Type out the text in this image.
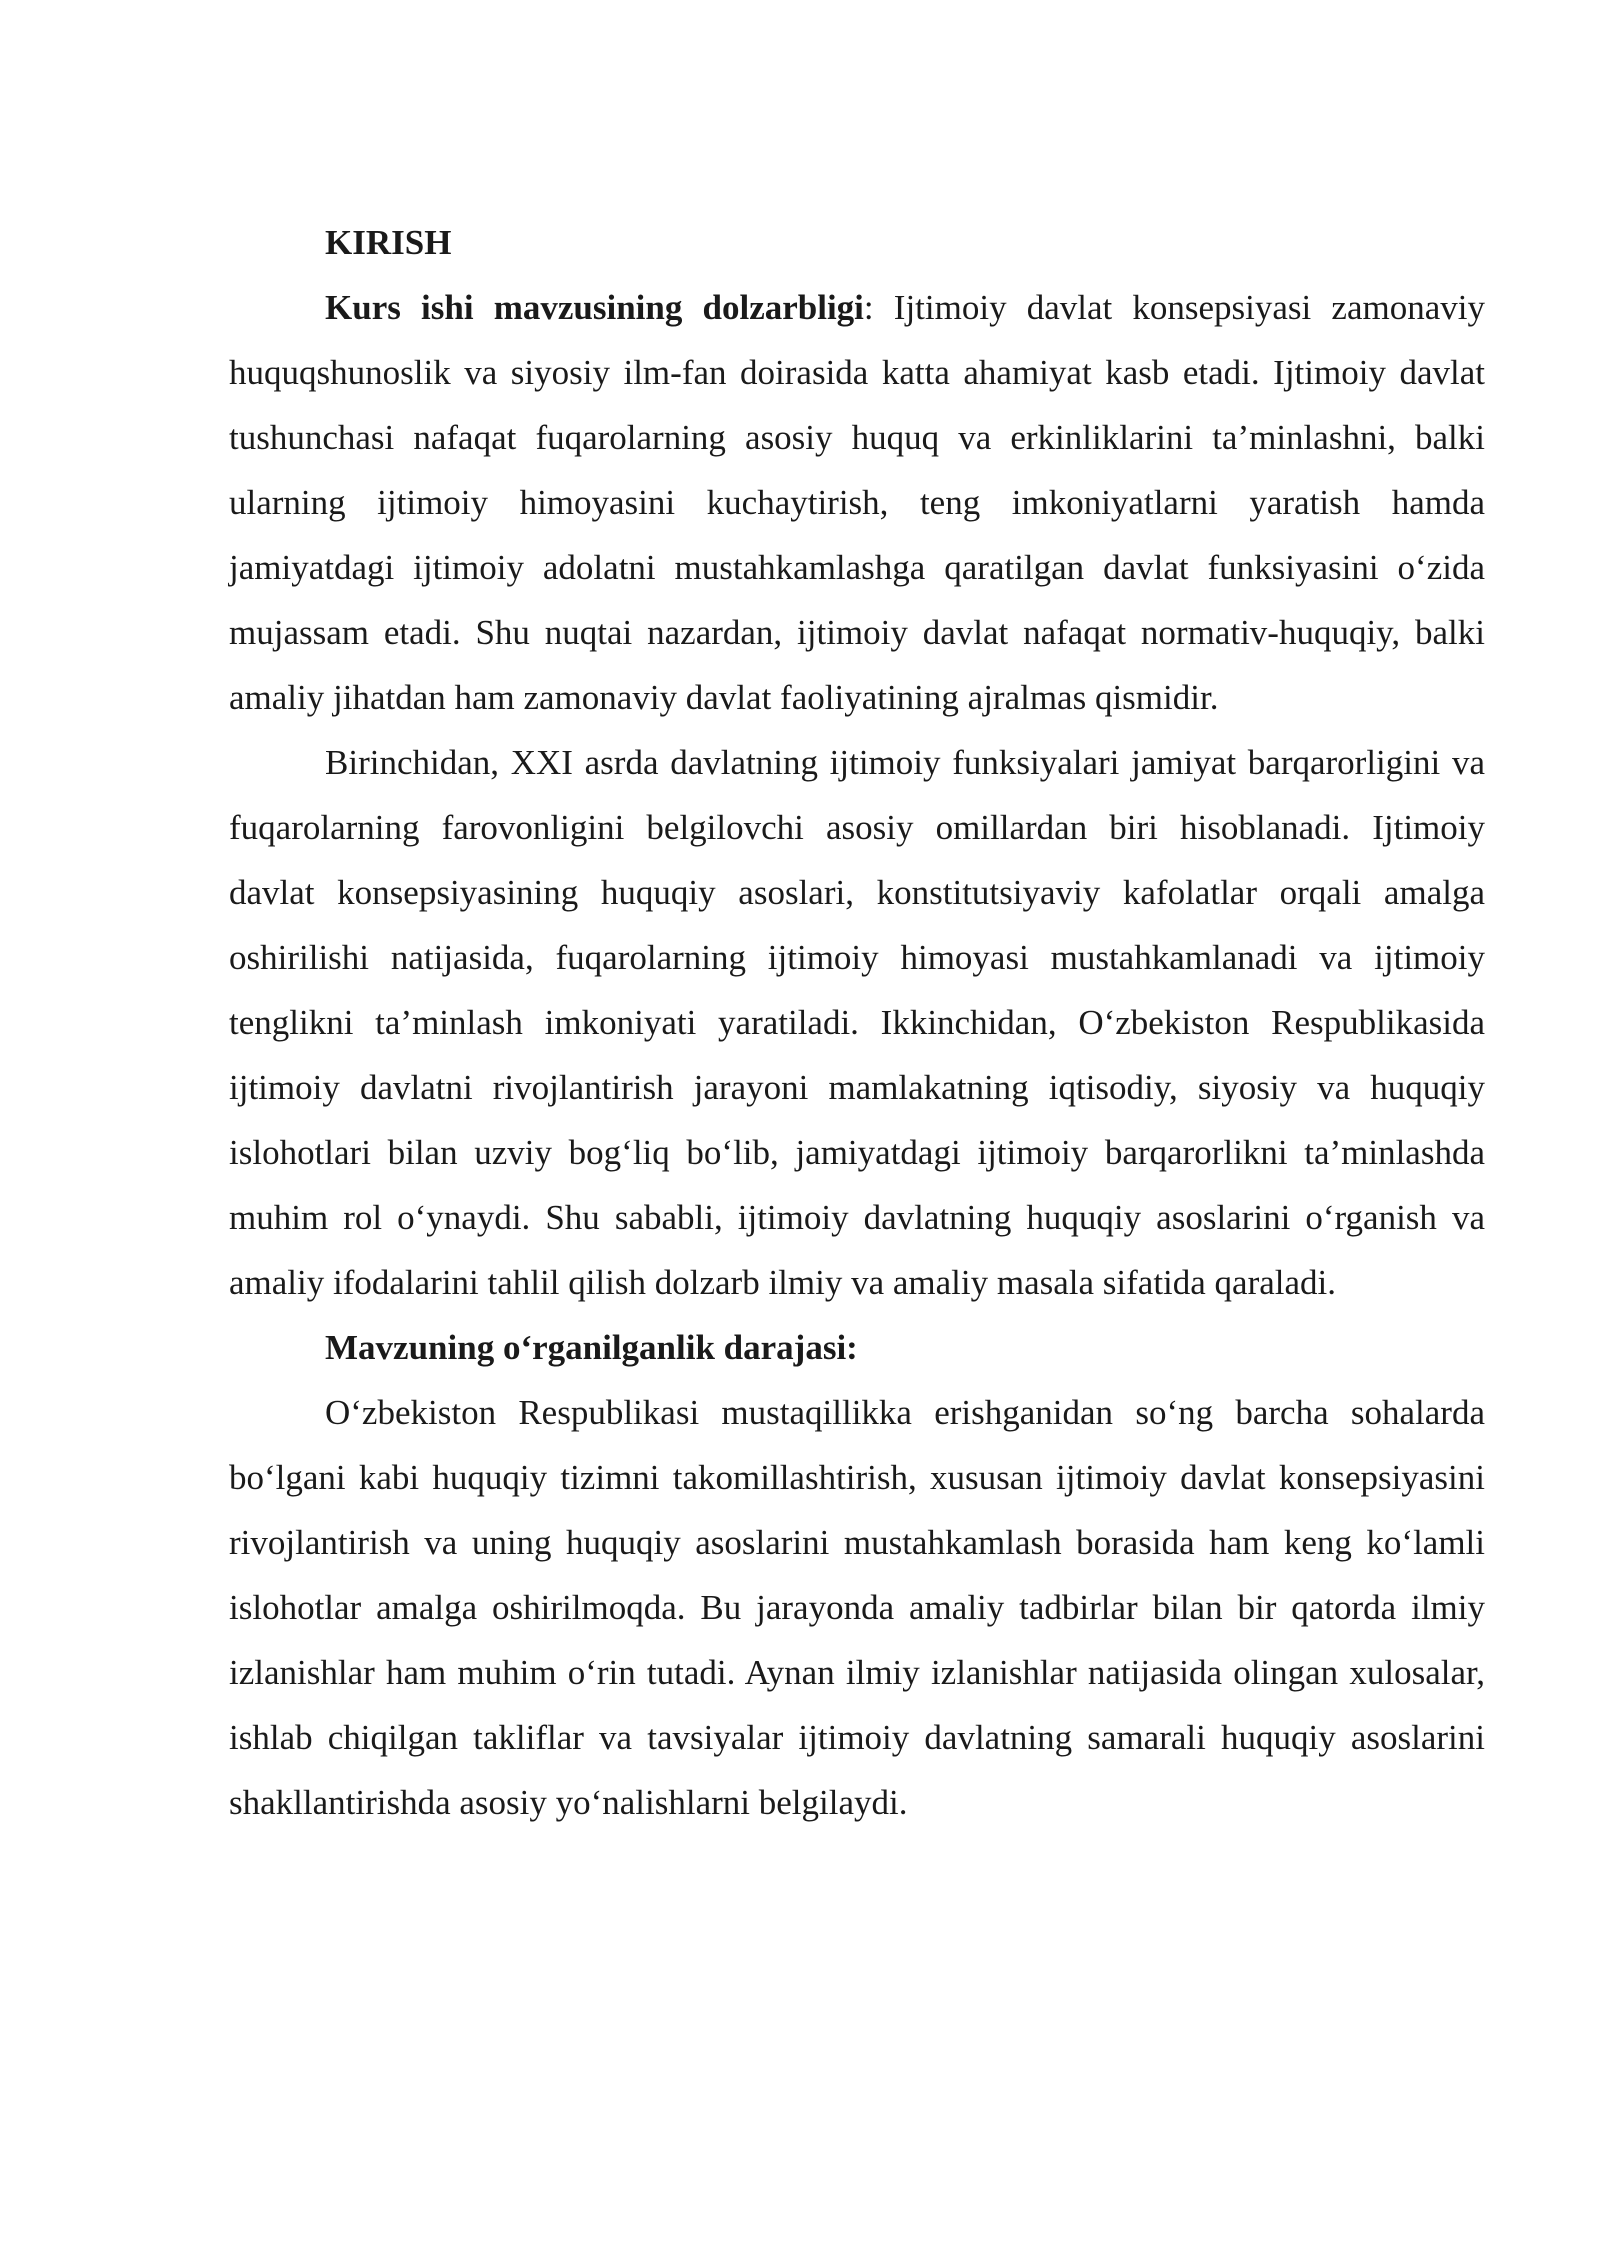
KIRISH

Kurs ishi mavzusining dolzarbligi: Ijtimoiy davlat konsepsiyasi zamonaviy huquqshunoslik va siyosiy ilm-fan doirasida katta ahamiyat kasb etadi. Ijtimoiy davlat tushunchasi nafaqat fuqarolarning asosiy huquq va erkinliklarini ta’minlashni, balki ularning ijtimoiy himoyasini kuchaytirish, teng imkoniyatlarni yaratish hamda jamiyatdagi ijtimoiy adolatni mustahkamlashga qaratilgan davlat funksiyasini o‘zida mujassam etadi. Shu nuqtai nazardan, ijtimoiy davlat nafaqat normativ-huquqiy, balki amaliy jihatdan ham zamonaviy davlat faoliyatining ajralmas qismidir.

Birinchidan, XXI asrda davlatning ijtimoiy funksiyalari jamiyat barqarorligini va fuqarolarning farovonligini belgilovchi asosiy omillardan biri hisoblanadi. Ijtimoiy davlat konsepsiyasining huquqiy asoslari, konstitutsiyaviy kafolatlar orqali amalga oshirilishi natijasida, fuqarolarning ijtimoiy himoyasi mustahkamlanadi va ijtimoiy tenglikni ta’minlash imkoniyati yaratiladi. Ikkinchidan, O‘zbekiston Respublikasida ijtimoiy davlatni rivojlantirish jarayoni mamlakatning iqtisodiy, siyosiy va huquqiy islohotlari bilan uzviy bog‘liq bo‘lib, jamiyatdagi ijtimoiy barqarorlikni ta’minlashda muhim rol o‘ynaydi. Shu sababli, ijtimoiy davlatning huquqiy asoslarini o‘rganish va amaliy ifodalarini tahlil qilish dolzarb ilmiy va amaliy masala sifatida qaraladi.

Mavzuning o‘rganilganlik darajasi:

O‘zbekiston Respublikasi mustaqillikka erishganidan so‘ng barcha sohalarda bo‘lgani kabi huquqiy tizimni takomillashtirish, xususan ijtimoiy davlat konsepsiyasini rivojlantirish va uning huquqiy asoslarini mustahkamlash borasida ham keng ko‘lamli islohotlar amalga oshirilmoqda. Bu jarayonda amaliy tadbirlar bilan bir qatorda ilmiy izlanishlar ham muhim o‘rin tutadi. Aynan ilmiy izlanishlar natijasida olingan xulosalar, ishlab chiqilgan takliflar va tavsiyalar ijtimoiy davlatning samarali huquqiy asoslarini shakllantirishda asosiy yo‘nalishlarni belgilaydi.
